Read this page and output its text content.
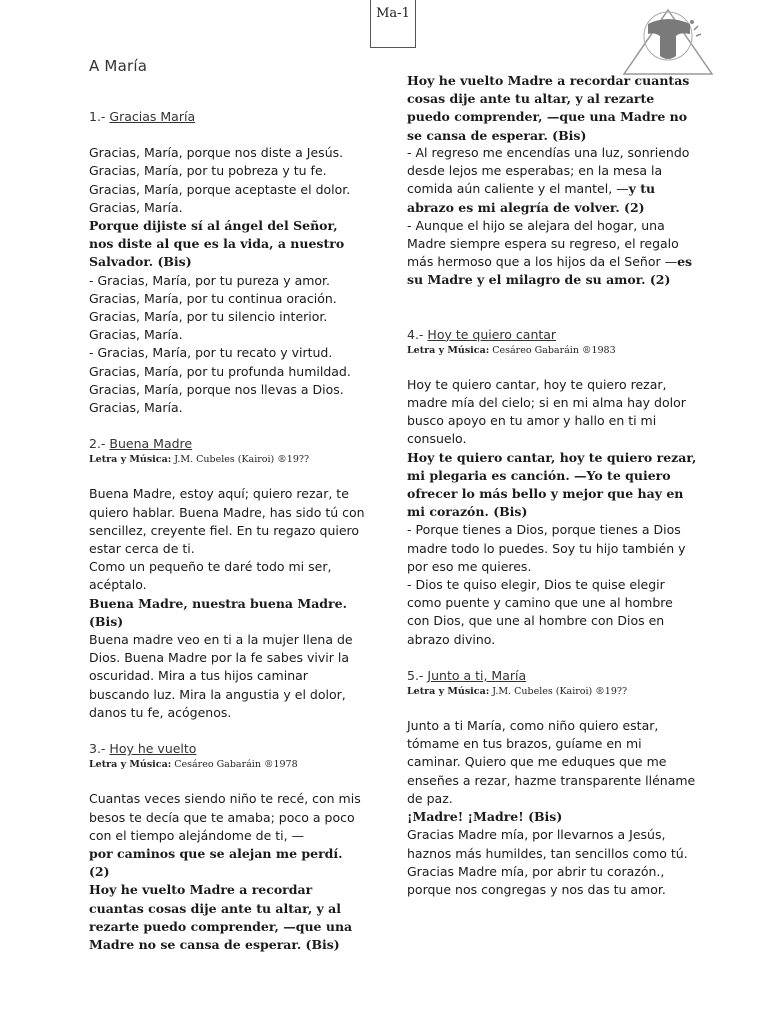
Ma-1
A María
1.- Gracias María

Gracias, María, porque nos diste a Jesús.

Gracias, María, por tu pobreza y tu fe.

Gracias, María, porque aceptaste el dolor.

Gracias, María.

Porque dijiste sí al ángel del Señor, nos diste al que es la vida, a nuestro Salvador. (Bis)

- Gracias, María, por tu pureza y amor.

Gracias, María, por tu continua oración.

Gracias, María, por tu silencio interior.

Gracias, María.

- Gracias, María, por tu recato y virtud.

Gracias, María, por tu profunda humildad.

Gracias, María, porque nos llevas a Dios.

Gracias, María.

2.- Buena Madre
Letra y Música: J.M. Cubeles (Kairoi) ®19??

Buena Madre, estoy aquí; quiero rezar, te quiero hablar. Buena Madre, has sido tú con sencillez, creyente fiel. En tu regazo quiero estar cerca de ti.

Como un pequeño te daré todo mi ser, acéptalo.

Buena Madre, nuestra buena Madre. (Bis)

Buena madre veo en ti a la mujer llena de Dios. Buena Madre por la fe sabes vivir la oscuridad. Mira a tus hijos caminar buscando luz. Mira la angustia y el dolor, danos tu fe, acógenos.

3.- Hoy he vuelto
Letra y Música: Cesáreo Gabaráin ®1978

Cuantas veces siendo niño te recé, con mis besos te decía que te amaba; poco a poco con el tiempo alejándome de ti, —

por caminos que se alejan me perdí. (2)

Hoy he vuelto Madre a recordar cuantas cosas dije ante tu altar, y al rezarte puedo comprender, —que una Madre no se cansa de esperar. (Bis)

Hoy he vuelto Madre a recordar cuantas cosas dije ante tu altar, y al rezarte puedo comprender, —que una Madre no se cansa de esperar. (Bis)

- Al regreso me encendías una luz, sonriendo desde lejos me esperabas; en la mesa la comida aún caliente y el mantel, —y tu abrazo es mi alegría de volver. (2)

- Aunque el hijo se alejara del hogar, una Madre siempre espera su regreso, el regalo más hermoso que a los hijos da el Señor —es su Madre y el milagro de su amor. (2)

4.- Hoy te quiero cantar
Letra y Música: Cesáreo Gabaráin ®1983

Hoy te quiero cantar, hoy te quiero rezar, madre mía del cielo; si en mi alma hay dolor busco apoyo en tu amor y hallo en ti mi consuelo.

Hoy te quiero cantar, hoy te quiero rezar, mi plegaria es canción. —Yo te quiero ofrecer lo más bello y mejor que hay en mi corazón. (Bis)

- Porque tienes a Dios, porque tienes a Dios madre todo lo puedes. Soy tu hijo también y por eso me quieres.

- Dios te quiso elegir, Dios te quise elegir como puente y camino que une al hombre con Dios, que une al hombre con Dios en abrazo divino.

5.- Junto a ti, María
Letra y Música: J.M. Cubeles (Kairoi) ®19??

Junto a ti María, como niño quiero estar, tómame en tus brazos, guíame en mi caminar. Quiero que me eduques que me enseñes a rezar, hazme transparente lléname de paz.

¡Madre! ¡Madre! (Bis)

Gracias Madre mía, por llevarnos a Jesús, haznos más humildes, tan sencillos como tú. Gracias Madre mía, por abrir tu corazón., porque nos congregas y nos das tu amor.
